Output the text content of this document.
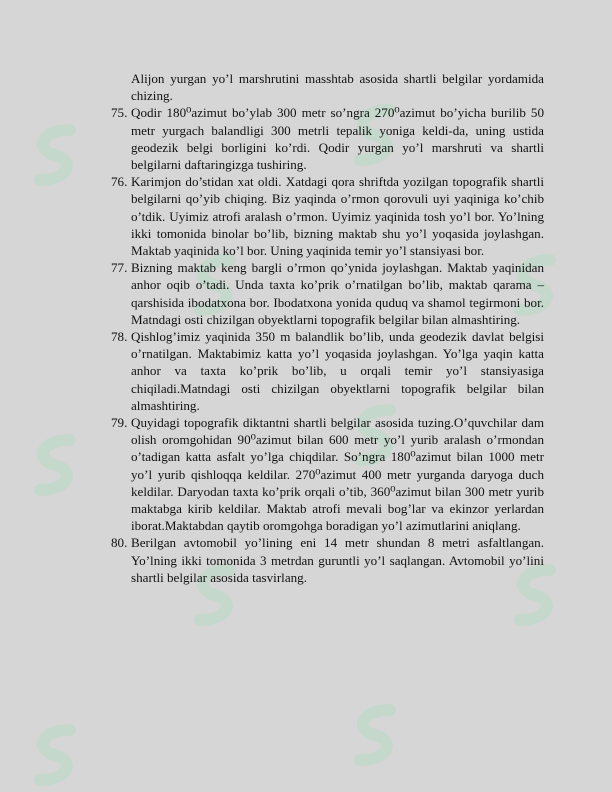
Alijon yurgan yo’l marshrutini masshtab asosida shartli belgilar yordamida chizing.
75. Qodir 180⁰azimut bo’ylab 300 metr so’ngra 270⁰azimut bo’yicha burilib 50 metr yurgach balandligi 300 metrli tepalik yoniga keldi-da, uning ustida geodezik belgi borligini ko’rdi. Qodir yurgan yo’l marshruti va shartli belgilarni daftaringizga tushiring.
76. Karimjon do’stidan xat oldi. Xatdagi qora shriftda yozilgan topografik shartli belgilarni qo’yib chiqing. Biz yaqinda o’rmon qorovuli uyi yaqiniga ko’chib o’tdik. Uyimiz atrofi aralash o’rmon. Uyimiz yaqinida tosh yo’l bor. Yo’lning ikki tomonida binolar bo’lib, bizning maktab shu yo’l yoqasida joylashgan. Maktab yaqinida ko’l bor. Uning yaqinida temir yo’l stansiyasi bor.
77. Bizning maktab keng bargli o’rmon qo’ynida joylashgan. Maktab yaqinidan anhor oqib o’tadi. Unda taxta ko’prik o’rnatilgan bo’lib, maktab qarama – qarshisida ibodatxona bor. Ibodatxona yonida quduq va shamol tegirmoni bor. Matndagi osti chizilgan obyektlarni topografik belgilar bilan almashtiring.
78. Qishlog’imiz yaqinida 350 m balandlik bo’lib, unda geodezik davlat belgisi o’rnatilgan. Maktabimiz katta yo’l yoqasida joylashgan. Yo’lga yaqin katta anhor va taxta ko’prik bo’lib, u orqali temir yo’l stansiyasiga chiqiladi.Matndagi osti chizilgan obyektlarni topografik belgilar bilan almashtiring.
79. Quyidagi topografik diktantni shartli belgilar asosida tuzing.O’quvchilar dam olish oromgohidan 90⁰azimut bilan 600 metr yo’l yurib aralash o’rmondan o’tadigan katta asfalt yo’lga chiqdilar. So’ngra 180⁰azimut bilan 1000 metr yo’l yurib qishloqqa keldilar. 270⁰azimut 400 metr yurganda daryoga duch keldilar. Daryodan taxta ko’prik orqali o’tib, 360⁰azimut bilan 300 metr yurib maktabga kirib keldilar. Maktab atrofi mevali bog’lar va ekinzor yerlardan iborat.Maktabdan qaytib oromgohga boradigan yo’l azimutlarini aniqlang.
80. Berilgan avtomobil yo’lining eni 14 metr shundan 8 metri asfaltlangan. Yo’lning ikki tomonida 3 metrdan guruntli yo’l saqlangan. Avtomobil yo’lini shartli belgilar asosida tasvirlang.
